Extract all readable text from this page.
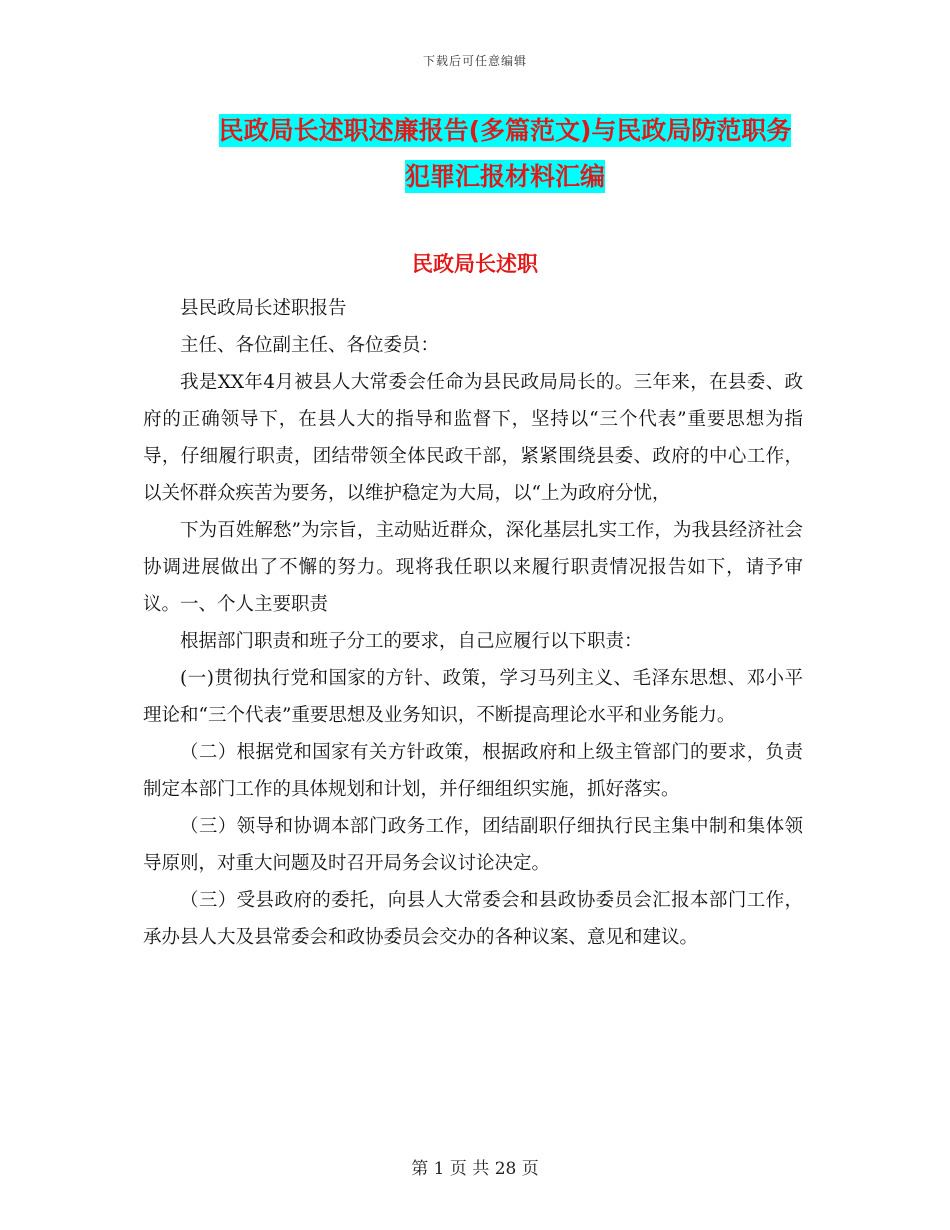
下载后可任意编辑
民政局长述职述廉报告(多篇范文)与民政局防范职务
犯罪汇报材料汇编
民政局长述职

县民政局长述职报告

主任、各位副主任、各位委员：

我是XX年4月被县人大常委会任命为县民政局局长的。三年来，在县委、政府的正确领导下，在县人大的指导和监督下，坚持以“三个代表”重要思想为指导，仔细履行职责，团结带领全体民政干部，紧紧围绕县委、政府的中心工作，以关怀群众疾苦为要务，以维护稳定为大局，以“上为政府分忧，

下为百姓解愁”为宗旨，主动贴近群众，深化基层扎实工作，为我县经济社会协调进展做出了不懈的努力。现将我任职以来履行职责情况报告如下，请予审议。一、个人主要职责

根据部门职责和班子分工的要求，自己应履行以下职责：

(一)贯彻执行党和国家的方针、政策，学习马列主义、毛泽东思想、邓小平理论和“三个代表”重要思想及业务知识，不断提高理论水平和业务能力。

（二）根据党和国家有关方针政策，根据政府和上级主管部门的要求，负责制定本部门工作的具体规划和计划，并仔细组织实施，抓好落实。

（三）领导和协调本部门政务工作，团结副职仔细执行民主集中制和集体领导原则，对重大问题及时召开局务会议讨论决定。

（三）受县政府的委托，向县人大常委会和县政协委员会汇报本部门工作，承办县人大及县常委会和政协委员会交办的各种议案、意见和建议。

第 1 页 共 28 页
